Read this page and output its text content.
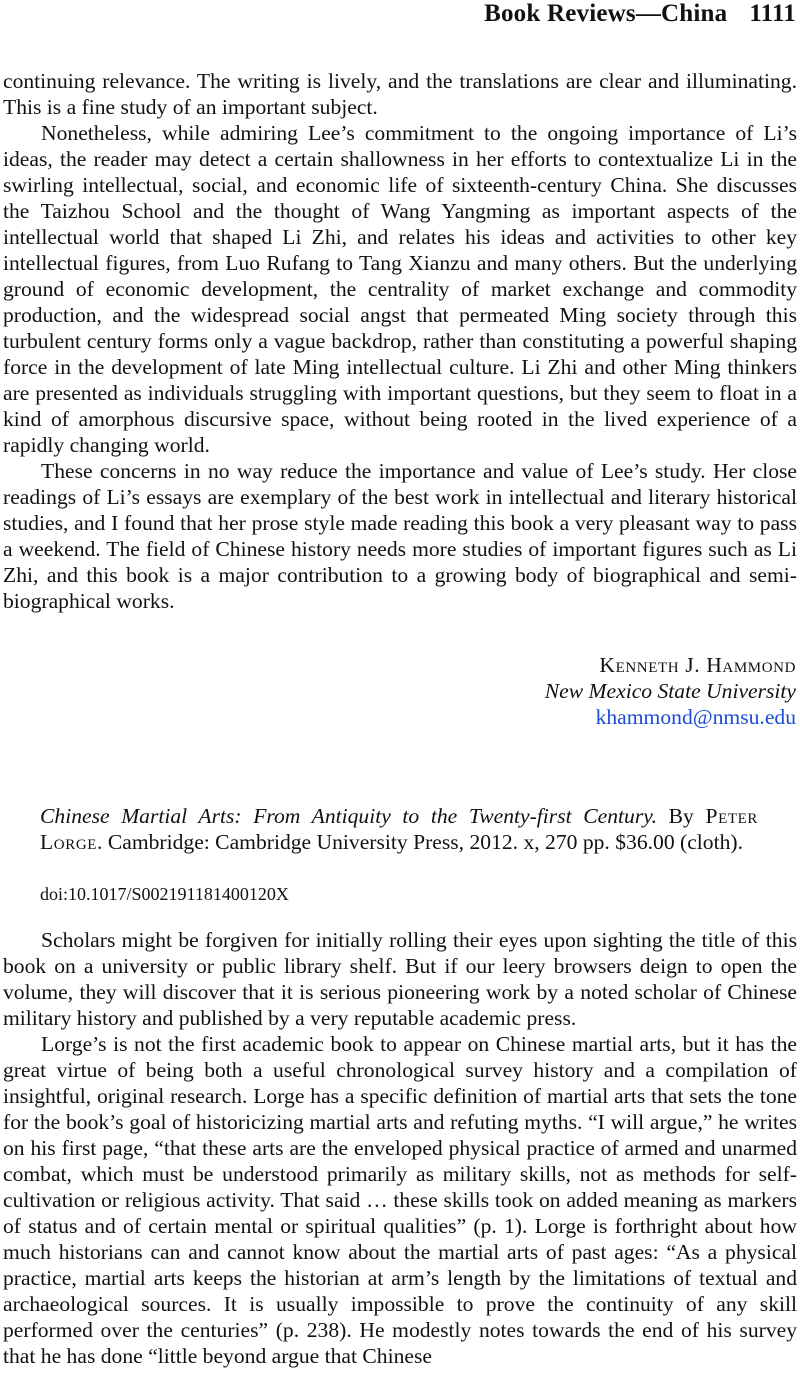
Book Reviews—China 1111

continuing relevance. The writing is lively, and the translations are clear and illuminating. This is a fine study of an important subject.

Nonetheless, while admiring Lee’s commitment to the ongoing importance of Li’s ideas, the reader may detect a certain shallowness in her efforts to contextualize Li in the swirling intellectual, social, and economic life of sixteenth-century China. She discusses the Taizhou School and the thought of Wang Yangming as important aspects of the intellectual world that shaped Li Zhi, and relates his ideas and activities to other key intellectual figures, from Luo Rufang to Tang Xianzu and many others. But the underlying ground of economic development, the centrality of market exchange and commodity production, and the widespread social angst that permeated Ming society through this turbulent century forms only a vague backdrop, rather than constituting a powerful shaping force in the development of late Ming intellectual culture. Li Zhi and other Ming thinkers are presented as individuals struggling with important questions, but they seem to float in a kind of amorphous discursive space, without being rooted in the lived experience of a rapidly changing world.

These concerns in no way reduce the importance and value of Lee’s study. Her close readings of Li’s essays are exemplary of the best work in intellectual and literary historical studies, and I found that her prose style made reading this book a very pleasant way to pass a weekend. The field of Chinese history needs more studies of important figures such as Li Zhi, and this book is a major contribution to a growing body of biographical and semi-biographical works.

Kenneth J. Hammond
New Mexico State University
khammond@nmsu.edu
Chinese Martial Arts: From Antiquity to the Twenty-first Century. By Peter Lorge. Cambridge: Cambridge University Press, 2012. x, 270 pp. $36.00 (cloth).
doi:10.1017/S002191181400120X

Scholars might be forgiven for initially rolling their eyes upon sighting the title of this book on a university or public library shelf. But if our leery browsers deign to open the volume, they will discover that it is serious pioneering work by a noted scholar of Chinese military history and published by a very reputable academic press.

Lorge’s is not the first academic book to appear on Chinese martial arts, but it has the great virtue of being both a useful chronological survey history and a compilation of insightful, original research. Lorge has a specific definition of martial arts that sets the tone for the book’s goal of historicizing martial arts and refuting myths. “I will argue,” he writes on his first page, “that these arts are the enveloped physical practice of armed and unarmed combat, which must be understood primarily as military skills, not as methods for self-cultivation or religious activity. That said … these skills took on added meaning as markers of status and of certain mental or spiritual qualities” (p. 1). Lorge is forthright about how much historians can and cannot know about the martial arts of past ages: “As a physical practice, martial arts keeps the historian at arm’s length by the limitations of textual and archaeological sources. It is usually impossible to prove the continuity of any skill performed over the centuries” (p. 238). He modestly notes towards the end of his survey that he has done “little beyond argue that Chinese
